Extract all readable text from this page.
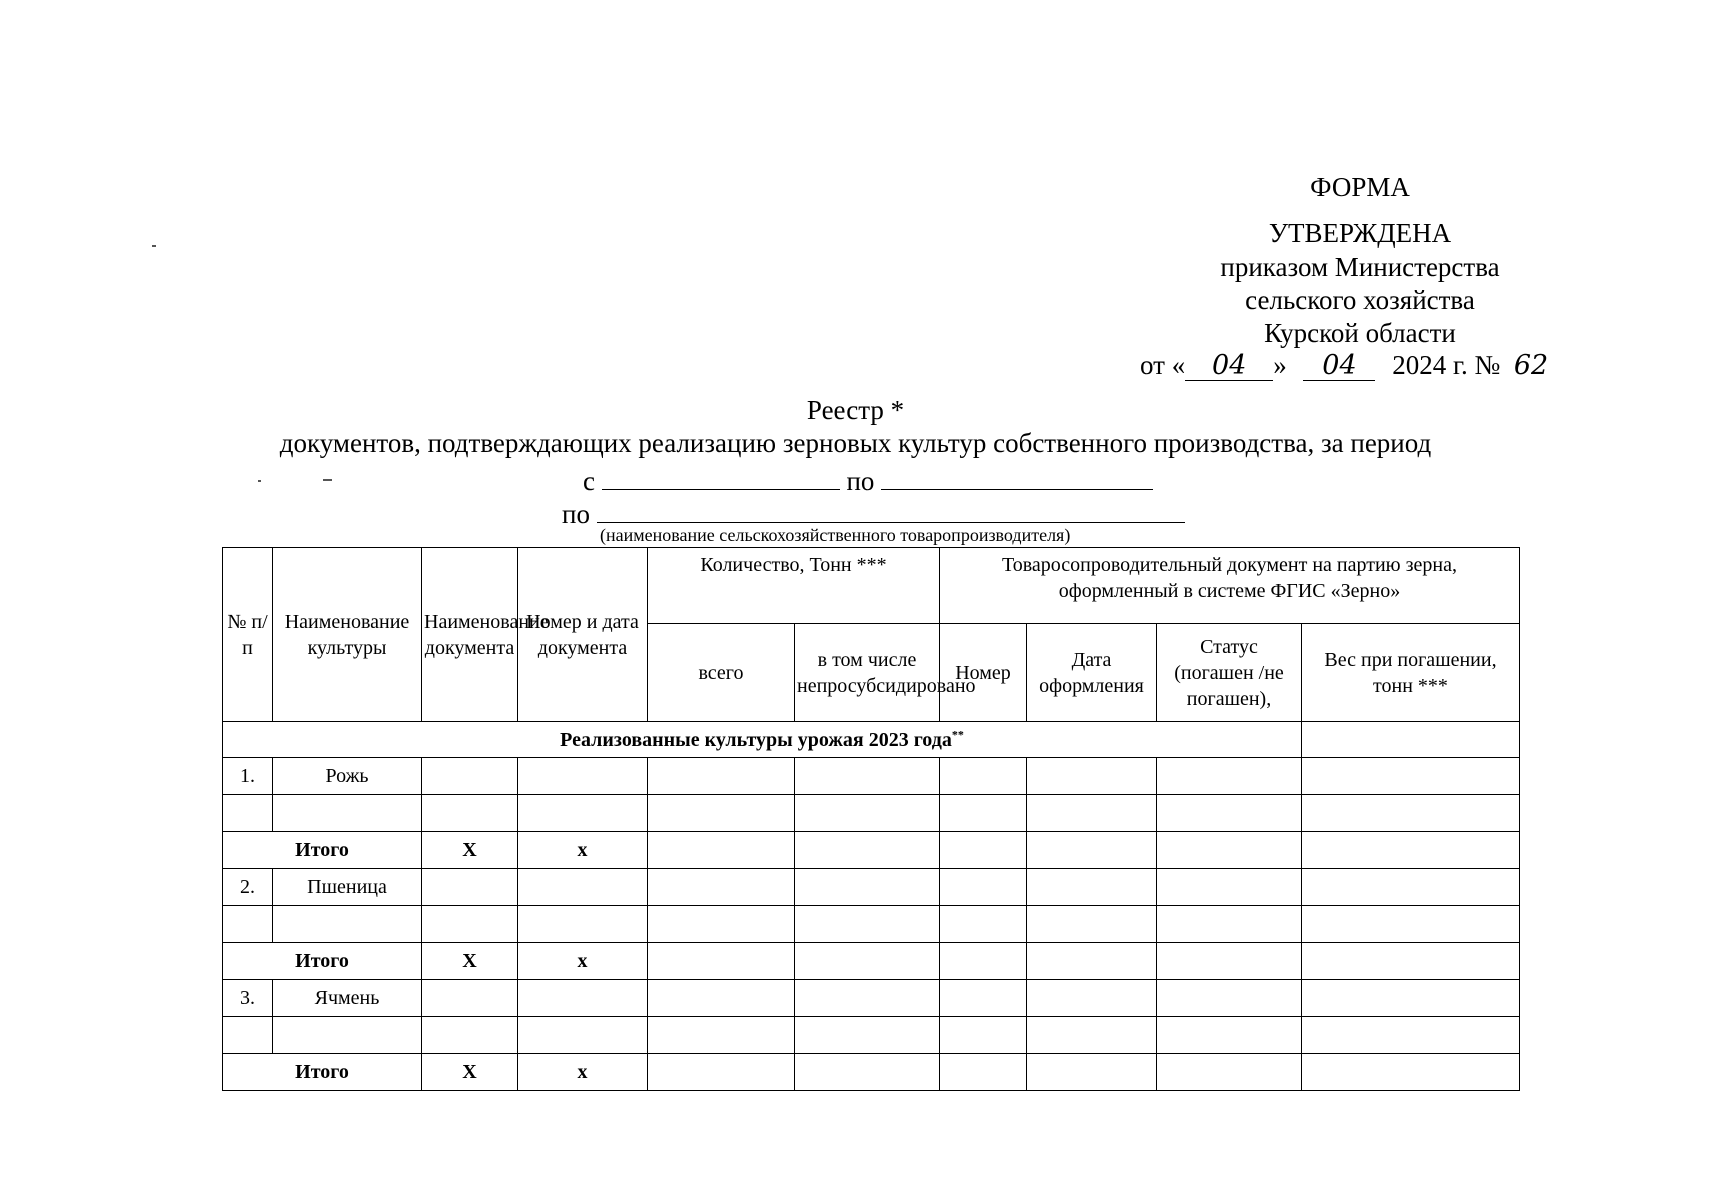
ФОРМА
УТВЕРЖДЕНА
приказом Министерства
сельского хозяйства
Курской области
от « 04 » 04 2024 г. № 62
Реестр *
документов, подтверждающих реализацию зерновых культур собственного производства, за период
с	по
по
(наименование сельскохозяйственного товаропроизводителя)
№ п/п	Наименование культуры	Наименование документа	Номер и дата документа	Количество, Тонн ***		Товаросопроводительный документ на партию зерна, оформленный в системе ФГИС «Зерно»			
				всего	в том числе непросубсидировано	Номер	Дата оформления	Статус (погашен /не погашен),	Вес при погашении, тонн ***
Реализованные культуры урожая 2023 года**	
1.	Рожь								

Итого		Х	х						
2.	Пшеница								

Итого		Х	х						
3.	Ячмень								

Итого		Х	х						
